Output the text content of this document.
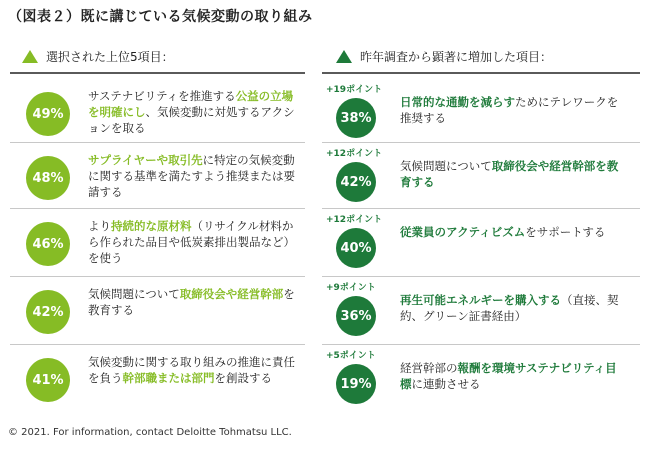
（図表２）既に講じている気候変動の取り組み
選択された上位5項目：	昨年調査から顕著に増加した項目：
49%
サステナビリティを推進する公益の立場を明確にし、気候変動に対処するアクションを取る
48%
サプライヤーや取引先に特定の気候変動に関する基準を満たすよう推奨または要請する
46%
より持続的な原材料（リサイクル材料から作られた品目や低炭素排出製品など）を使う
42%
気候問題について取締役会や経営幹部を教育する
41%
気候変動に関する取り組みの推進に責任を負う幹部職または部門を創設する
38%
+19ポイント
日常的な通勤を減らすためにテレワークを推奨する
42%
+12ポイント
気候問題について取締役会や経営幹部を教育する
40%
+12ポイント
従業員のアクティビズムをサポートする
36%
+9ポイント
再生可能エネルギーを購入する（直接、契約、グリーン証書経由）
19%
+5ポイント
経営幹部の報酬を環境サステナビリティ目標に連動させる
© 2021. For information, contact Deloitte Tohmatsu LLC.
